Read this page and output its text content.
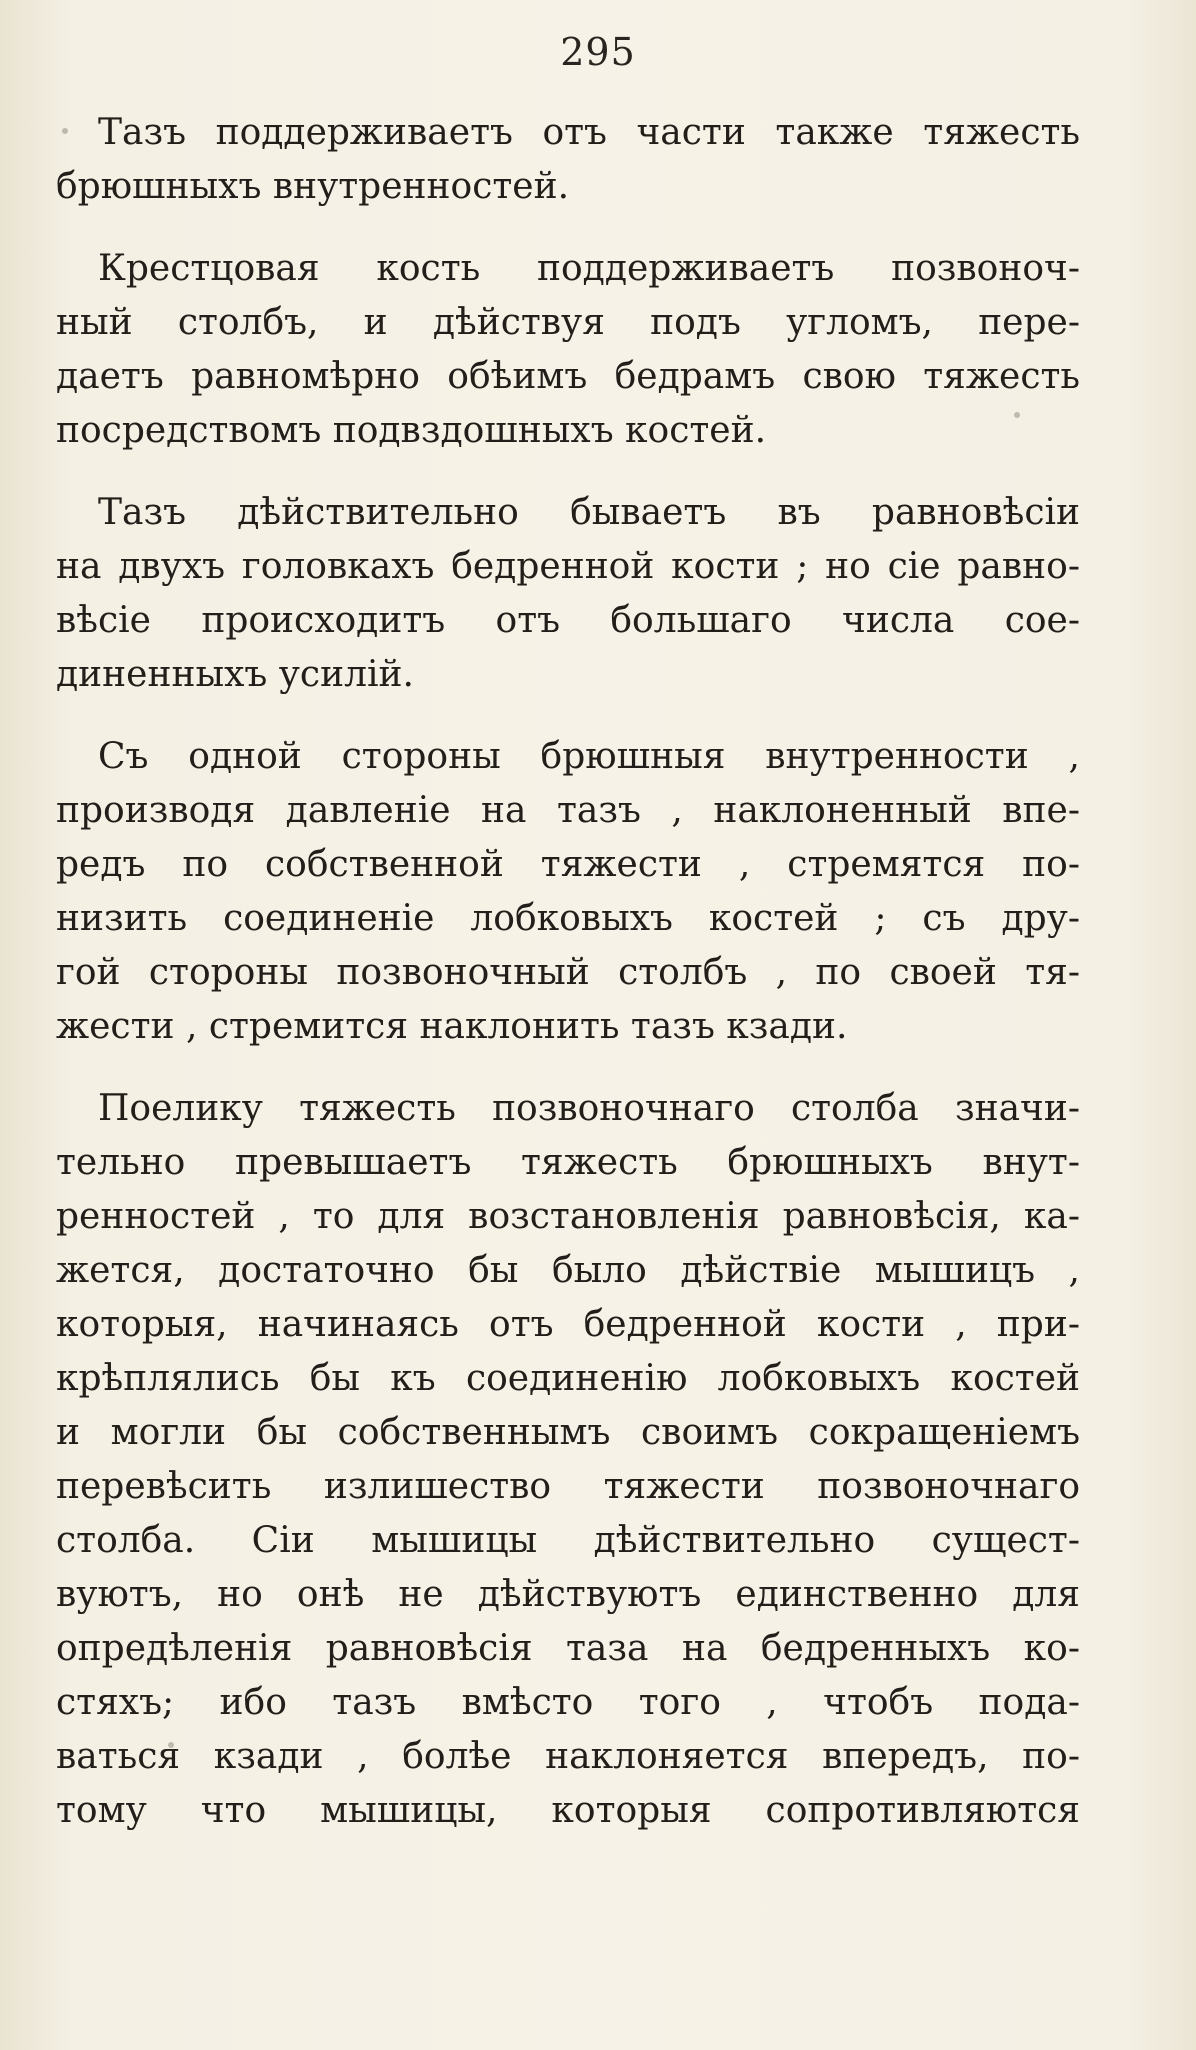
295
Тазъ поддерживаетъ отъ части также тяжесть
брюшныхъ внутренностей.
Крестцовая кость поддерживаетъ позвоноч-
ный столбъ, и дѣйствуя подъ угломъ, пере-
даетъ равномѣрно обѣимъ бедрамъ свою тяжесть
посредствомъ подвздошныхъ костей.
Тазъ дѣйствительно бываетъ въ равновѣсіи
на двухъ головкахъ бедренной кости ; но сіе равно-
вѣсіе происходитъ отъ большаго числа сое-
диненныхъ усилій.
Съ одной стороны брюшныя внутренности ,
производя давленіе на тазъ , наклоненный впе-
редъ по собственной тяжести , стремятся по-
низить соединеніе лобковыхъ костей ; съ дру-
гой стороны позвоночный столбъ , по своей тя-
жести , стремится наклонить тазъ кзади.
Поелику тяжесть позвоночнаго столба значи-
тельно превышаетъ тяжесть брюшныхъ внут-
ренностей , то для возстановленія равновѣсія, ка-
жется, достаточно бы было дѣйствіе мышицъ ,
которыя, начинаясь отъ бедренной кости , при-
крѣплялись бы къ соединенію лобковыхъ костей
и могли бы собственнымъ своимъ сокращеніемъ
перевѣсить излишество тяжести позвоночнаго
столба. Сіи мышицы дѣйствительно сущест-
вуютъ, но онѣ не дѣйствуютъ единственно для
опредѣленія равновѣсія таза на бедренныхъ ко-
стяхъ; ибо тазъ вмѣсто того , чтобъ пода-
ваться кзади , болѣе наклоняется впередъ, по-
тому что мышицы, которыя сопротивляются
